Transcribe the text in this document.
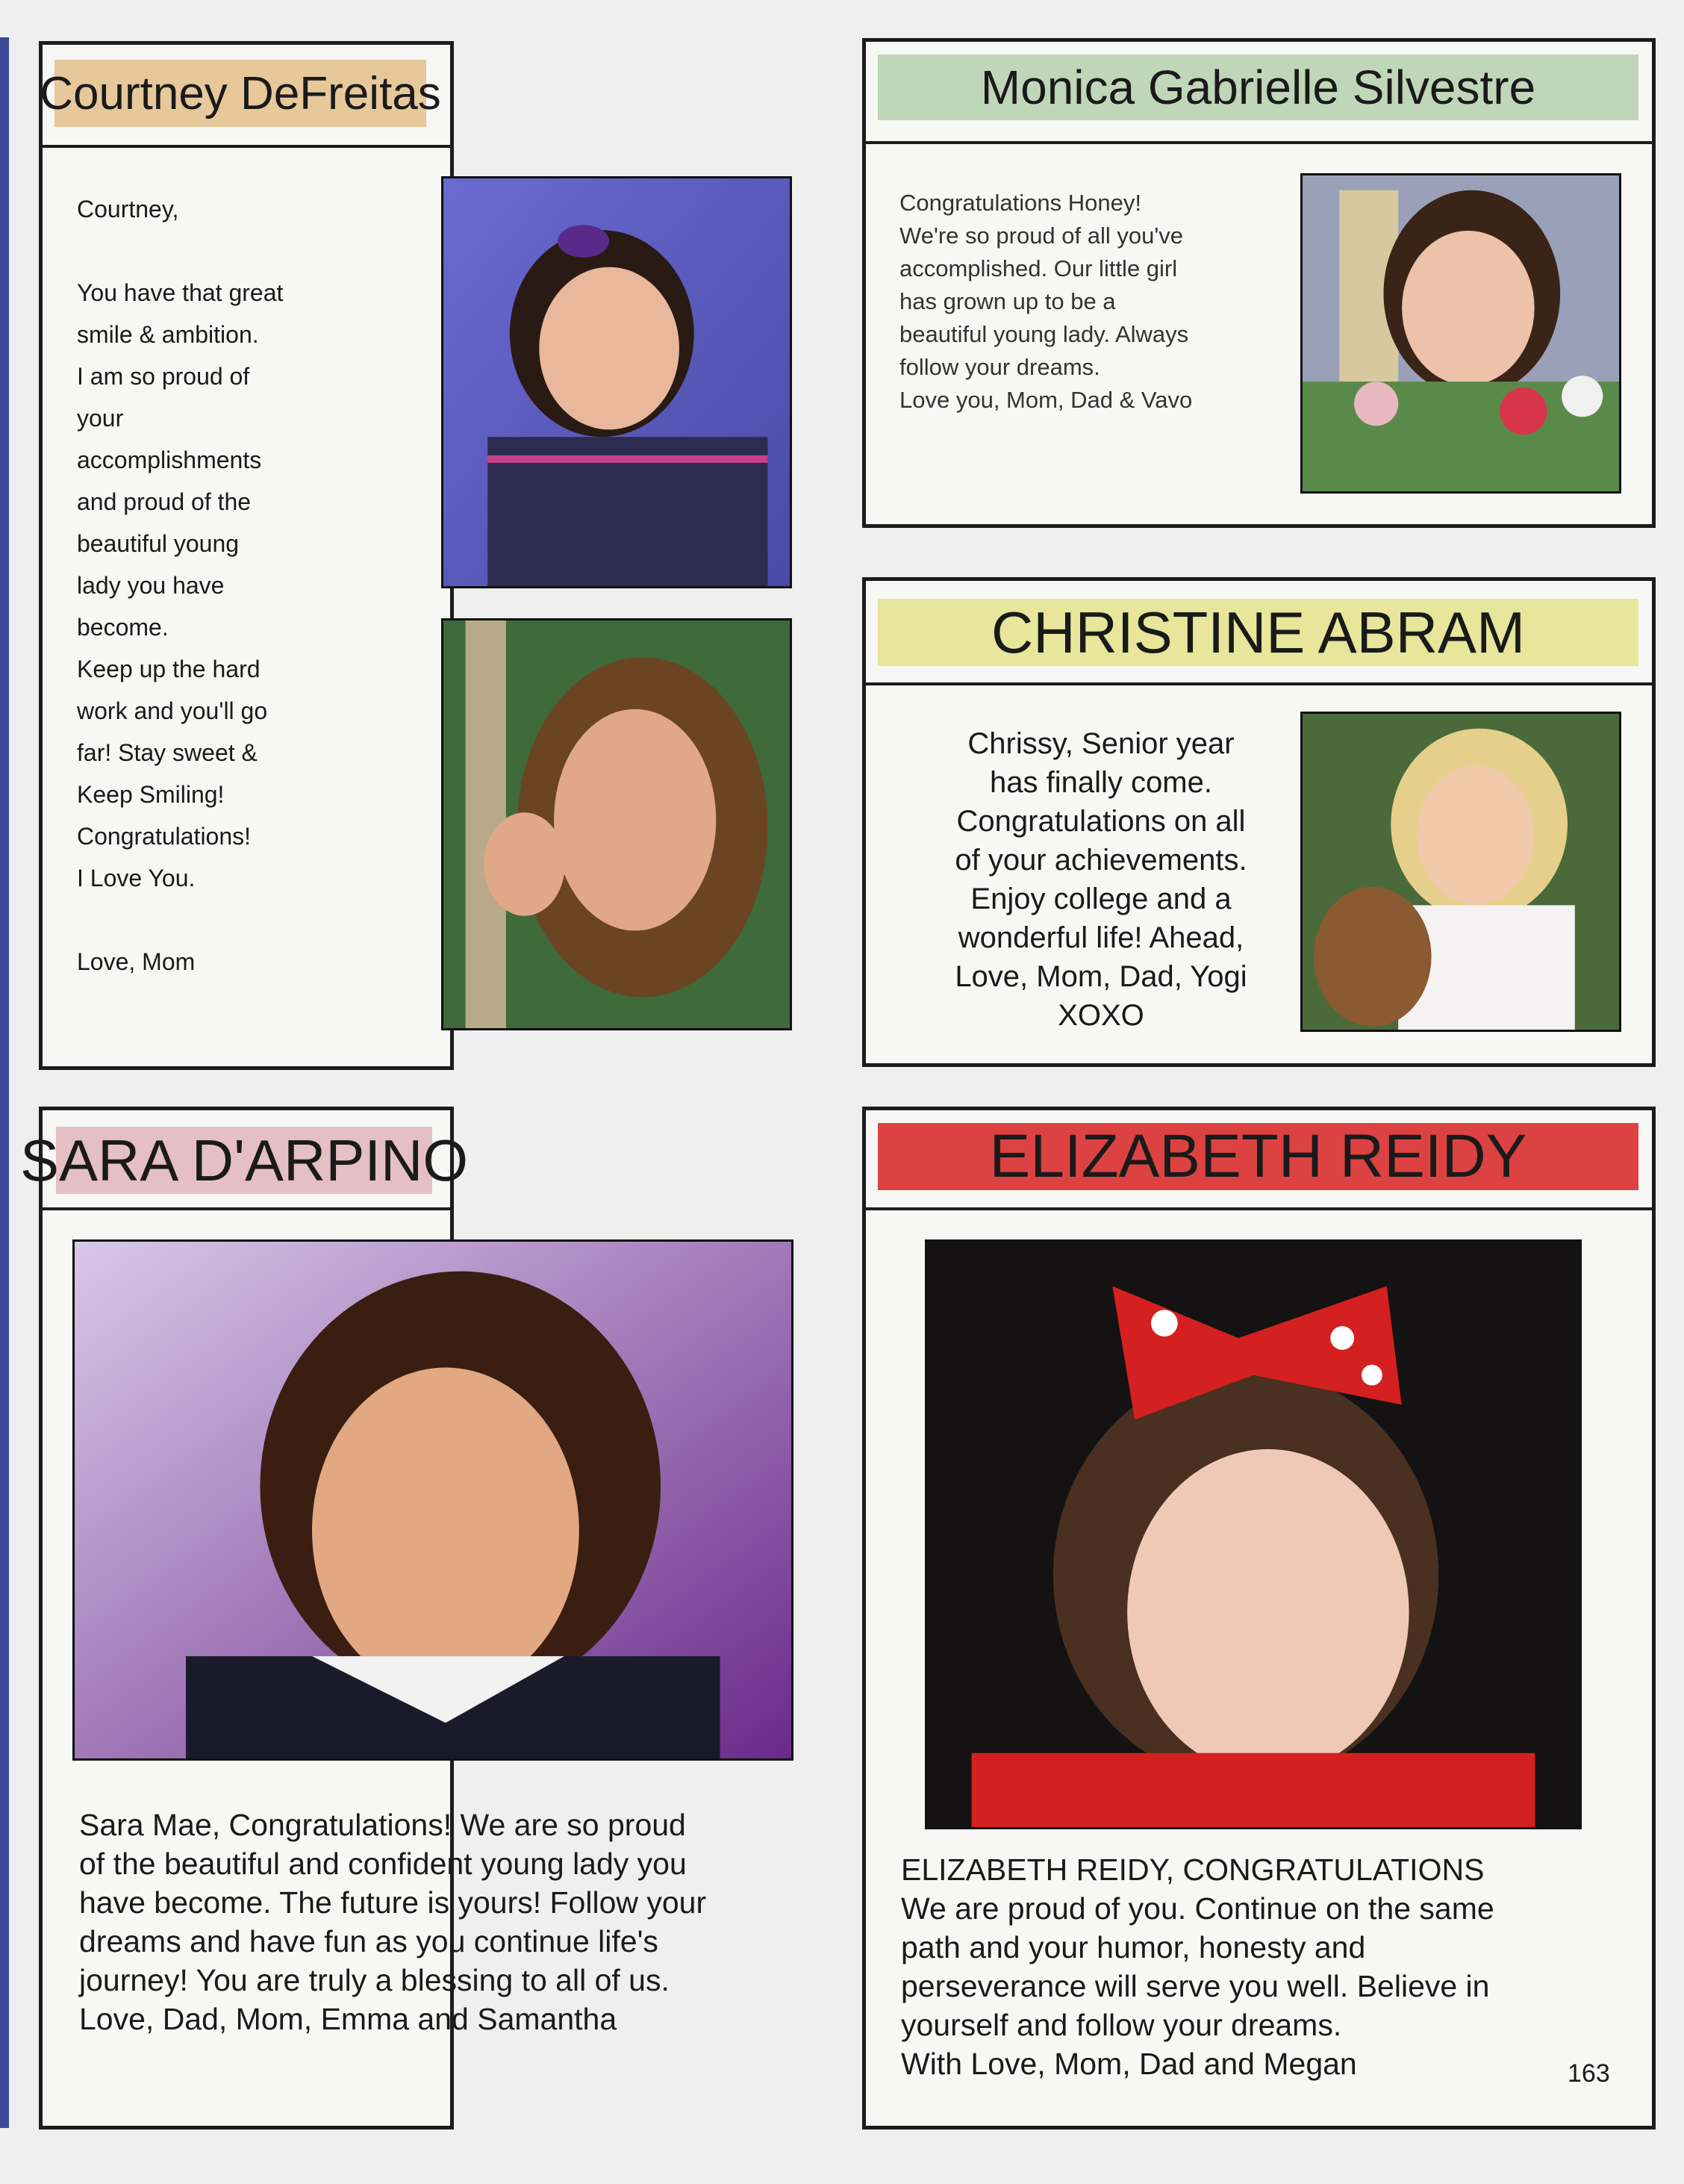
Courtney DeFreitas
Courtney,

You have that great
smile & ambition.
I am so proud of
your
accomplishments
and proud of the
beautiful young
lady you have
become.
Keep up the hard
work and you'll go
far! Stay sweet &
Keep Smiling!
Congratulations!
I Love You.

Love, Mom
Monica Gabrielle Silvestre
Congratulations Honey!
We're so proud of all you've
accomplished. Our little girl
has grown up to be a
beautiful young lady. Always
follow your dreams.
Love you, Mom, Dad & Vavo
CHRISTINE ABRAM
Chrissy, Senior year
has finally come.
Congratulations on all
of your achievements.
Enjoy college and a
wonderful life! Ahead,
Love, Mom, Dad, Yogi
XOXO
SARA D'ARPINO
Sara Mae, Congratulations! We are so proud
of the beautiful and confident young lady you
have become. The future is yours! Follow your
dreams and have fun as you continue life's
journey! You are truly a blessing to all of us.
Love, Dad, Mom, Emma and Samantha
ELIZABETH REIDY
ELIZABETH REIDY, CONGRATULATIONS
We are proud of you. Continue on the same
path and your humor, honesty and
perseverance will serve you well. Believe in
yourself and follow your dreams.
With Love, Mom, Dad and Megan	163
